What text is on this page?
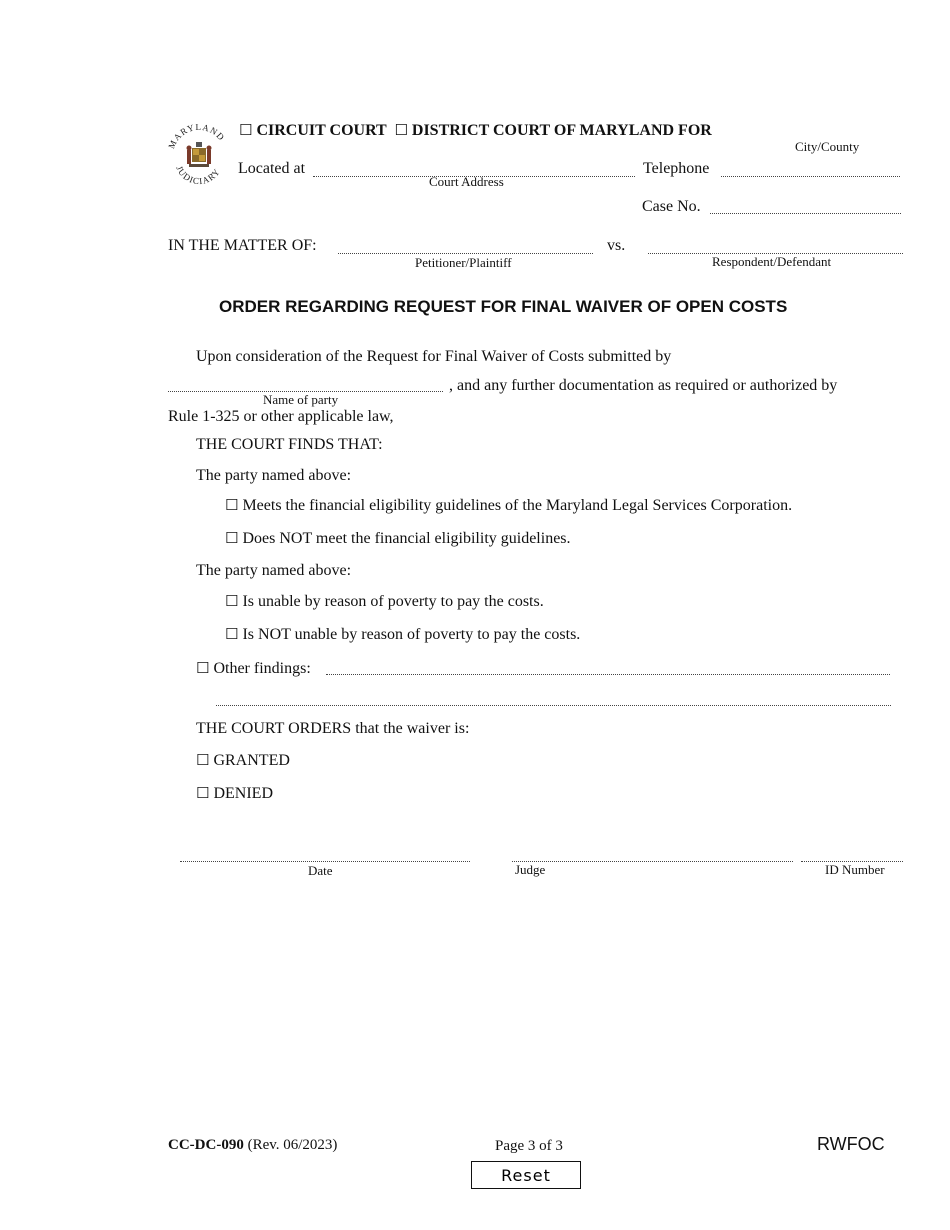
MARYLAND
JUDICIARY
☐ CIRCUIT COURT ☐ DISTRICT COURT OF MARYLAND FOR
City/County
Located at
Court Address
Telephone
Case No.
IN THE MATTER OF:
Petitioner/Plaintiff
vs.
Respondent/Defendant
ORDER REGARDING REQUEST FOR FINAL WAIVER OF OPEN COSTS
Upon consideration of the Request for Final Waiver of Costs submitted by
Name of party
, and any further documentation as required or authorized by
Rule 1-325 or other applicable law,
THE COURT FINDS THAT:
The party named above:
☐ Meets the financial eligibility guidelines of the Maryland Legal Services Corporation.
☐ Does NOT meet the financial eligibility guidelines.
The party named above:
☐ Is unable by reason of poverty to pay the costs.
☐ Is NOT unable by reason of poverty to pay the costs.
☐ Other findings:
THE COURT ORDERS that the waiver is:
☐ GRANTED
☐ DENIED
Date	Judge	ID Number
CC-DC-090 (Rev. 06/2023)	Page 3 of 3	RWFOC
Reset
